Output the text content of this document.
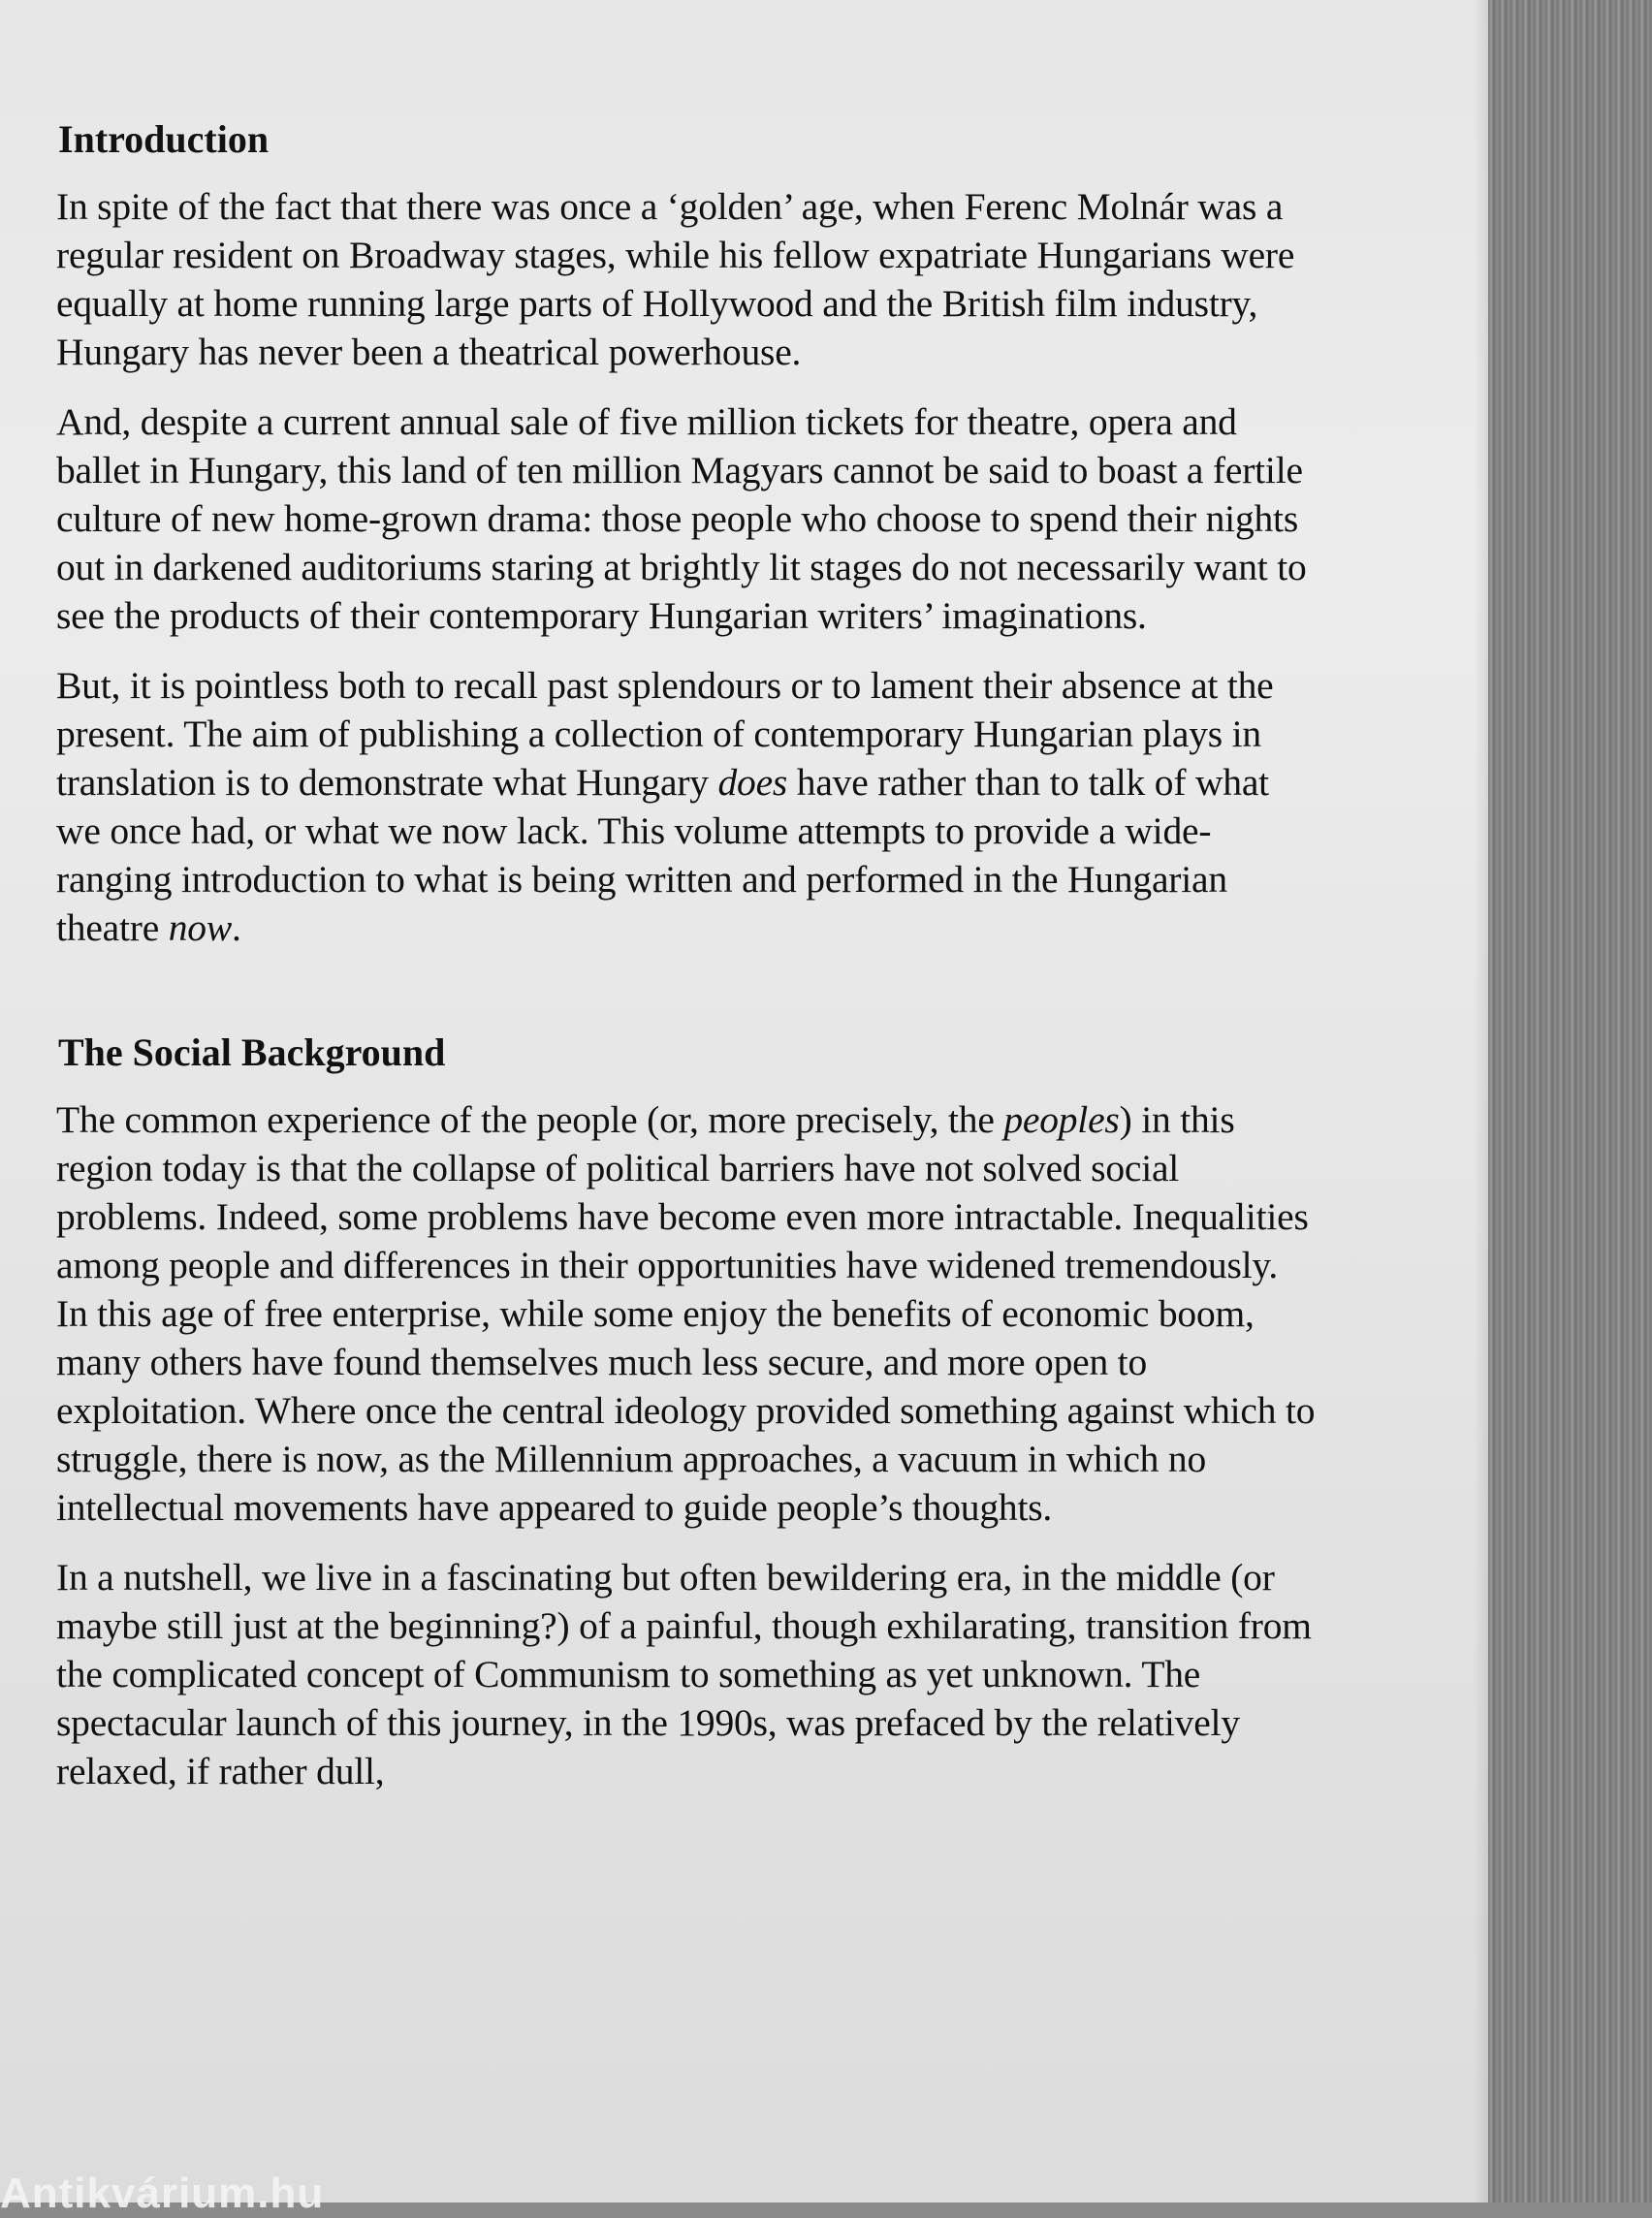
Introduction

In spite of the fact that there was once a ‘golden’ age, when Ferenc Molnár was a regular resident on Broadway stages, while his fellow expatriate Hungarians were equally at home running large parts of Hollywood and the British film industry, Hungary has never been a theatrical powerhouse.

And, despite a current annual sale of five million tickets for theatre, opera and ballet in Hungary, this land of ten million Magyars cannot be said to boast a fertile culture of new home-grown drama: those people who choose to spend their nights out in darkened auditoriums staring at brightly lit stages do not necessarily want to see the products of their contemporary Hungarian writers’ imaginations.

But, it is pointless both to recall past splendours or to lament their absence at the present. The aim of publishing a collection of contemporary Hungarian plays in translation is to demonstrate what Hungary does have rather than to talk of what we once had, or what we now lack. This volume attempts to provide a wide-ranging introduction to what is being written and performed in the Hungarian theatre now.

The Social Background

The common experience of the people (or, more precisely, the peoples) in this region today is that the collapse of political barriers have not solved social problems. Indeed, some problems have become even more intractable. Inequalities among people and differences in their opportunities have widened tremendously. In this age of free enterprise, while some enjoy the benefits of economic boom, many others have found themselves much less secure, and more open to exploitation. Where once the central ideology provided something against which to struggle, there is now, as the Millennium approaches, a vacuum in which no intellectual movements have appeared to guide people’s thoughts.

In a nutshell, we live in a fascinating but often bewildering era, in the middle (or maybe still just at the beginning?) of a painful, though exhilarating, transition from the complicated concept of Communism to something as yet unknown. The spectacular launch of this journey, in the 1990s, was prefaced by the relatively relaxed, if rather dull,

Antikvárium.hu
